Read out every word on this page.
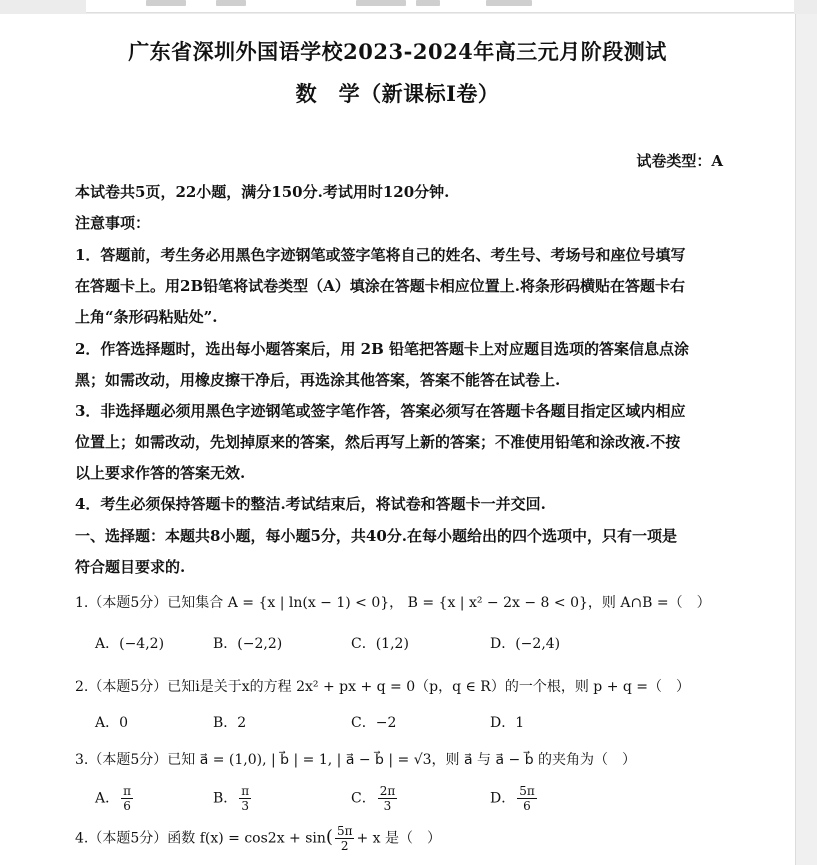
广东省深圳外国语学校2023-2024年高三元月阶段测试
数　学（新课标I卷）
试卷类型：A
本试卷共5页，22小题，满分150分.考试用时120分钟.
注意事项：
1．答题前，考生务必用黑色字迹钢笔或签字笔将自己的姓名、考生号、考场号和座位号填写
在答题卡上。用2B铅笔将试卷类型（A）填涂在答题卡相应位置上.将条形码横贴在答题卡右
上角“条形码粘贴处”.
2．作答选择题时，选出每小题答案后，用 2B 铅笔把答题卡上对应题目选项的答案信息点涂
黑；如需改动，用橡皮擦干净后，再选涂其他答案，答案不能答在试卷上.
3．非选择题必须用黑色字迹钢笔或签字笔作答，答案必须写在答题卡各题目指定区域内相应
位置上；如需改动，先划掉原来的答案，然后再写上新的答案；不准使用铅笔和涂改液.不按
以上要求作答的答案无效.
4．考生必须保持答题卡的整洁.考试结束后，将试卷和答题卡一并交回.
一、选择题：本题共8小题，每小题5分，共40分.在每小题给出的四个选项中，只有一项是
符合题目要求的.
1.（本题5分）已知集合 A = {x | ln(x − 1) < 0}， B = {x | x² − 2x − 8 < 0}，则 A∩B =（　）
A．(−4,2)	B．(−2,2)	C．(1,2)	D．(−2,4)
2.（本题5分）已知i是关于x的方程 2x² + px + q = 0（p，q ∈ R）的一个根，则 p + q =（　）
A．0	B．2	C．−2	D．1
3.（本题5分）已知 a⃗ = (1,0), | b⃗ | = 1, | a⃗ − b⃗ | = √3，则 a⃗ 与 a⃗ − b⃗ 的夹角为（　）
A． $\frac{\pi}{6}$	B． $\frac{\pi}{3}$	C． $\frac{2\pi}{3}$	D． $\frac{5\pi}{6}$
4.（本题5分）函数 $f(x) = \cos 2x + \sin( \frac{5\pi}{2} + x$ 是（　）
